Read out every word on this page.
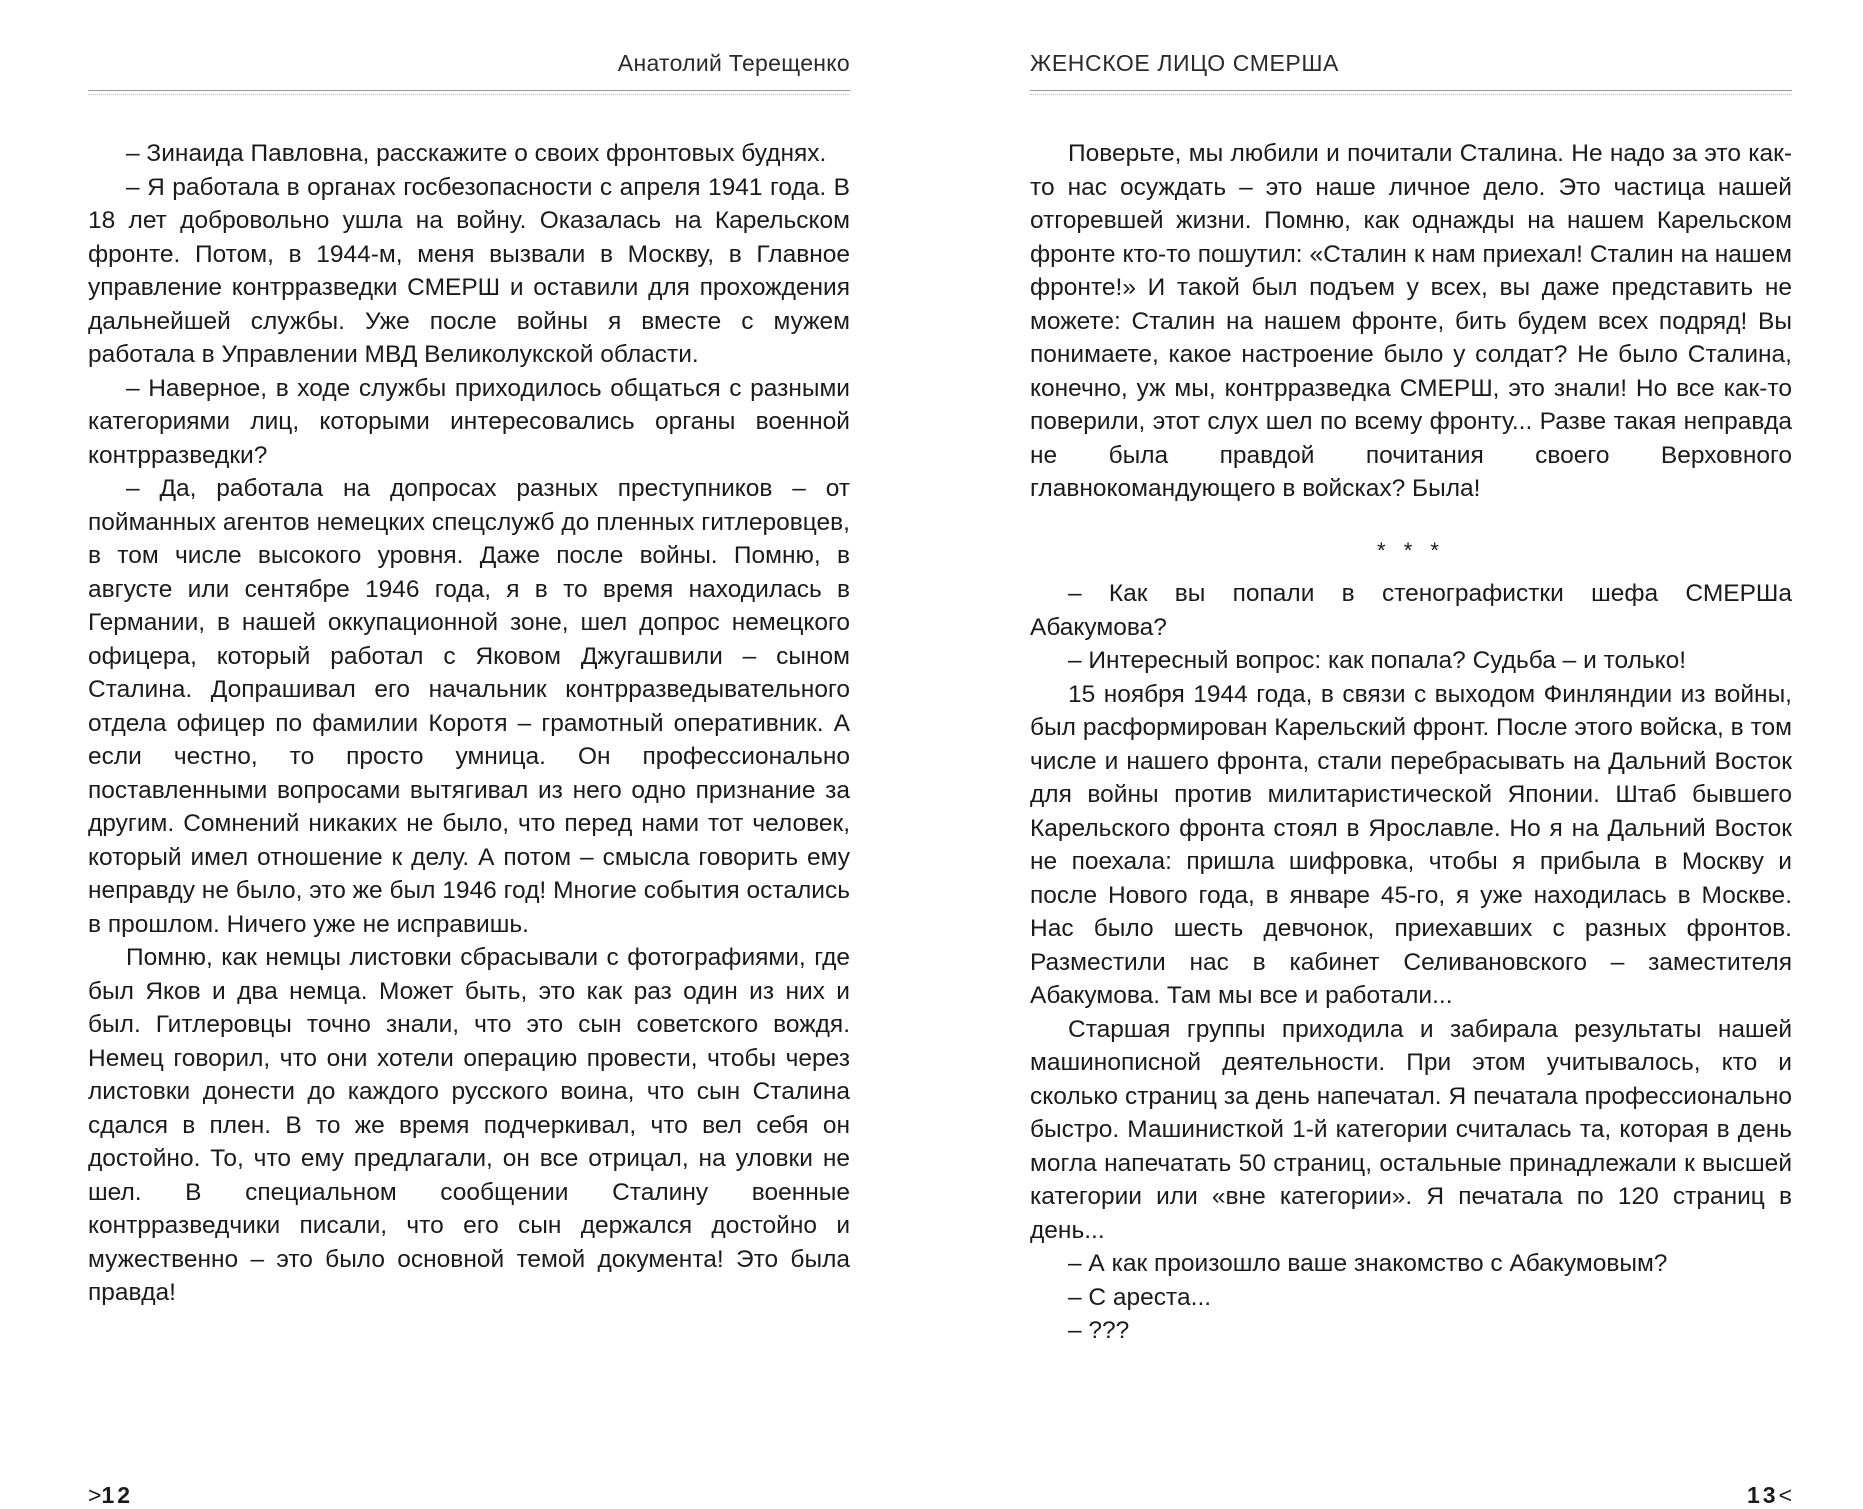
Анатолий Терещенко

– Зинаида Павловна, расскажите о своих фронтовых буднях.

– Я работала в органах госбезопасности с апреля 1941 года. В 18 лет добровольно ушла на войну. Оказалась на Карельском фронте. Потом, в 1944-м, меня вызвали в Москву, в Главное управление контрразведки СМЕРШ и оставили для прохождения дальнейшей службы. Уже после войны я вместе с мужем работала в Управлении МВД Великолукской области.

– Наверное, в ходе службы приходилось общаться с разными категориями лиц, которыми интересовались органы военной контрразведки?

– Да, работала на допросах разных преступников – от пойманных агентов немецких спецслужб до пленных гитлеровцев, в том числе высокого уровня. Даже после войны. Помню, в августе или сентябре 1946 года, я в то время находилась в Германии, в нашей оккупационной зоне, шел допрос немецкого офицера, который работал с Яковом Джугашвили – сыном Сталина. Допрашивал его начальник контрразведывательного отдела офицер по фамилии Коротя – грамотный оперативник. А если честно, то просто умница. Он профессионально поставленными вопросами вытягивал из него одно признание за другим. Сомнений никаких не было, что перед нами тот человек, который имел отношение к делу. А потом – смысла говорить ему неправду не было, это же был 1946 год! Многие события остались в прошлом. Ничего уже не исправишь.

Помню, как немцы листовки сбрасывали с фотографиями, где был Яков и два немца. Может быть, это как раз один из них и был. Гитлеровцы точно знали, что это сын советского вождя. Немец говорил, что они хотели операцию провести, чтобы через листовки донести до каждого русского воина, что сын Сталина сдался в плен. В то же время подчеркивал, что вел себя он достойно. То, что ему предлагали, он все отрицал, на уловки не шел. В специальном сообщении Сталину военные контрразведчики писали, что его сын держался достойно и мужественно – это было основной темой документа! Это была правда!

>12
ЖЕНСКОЕ ЛИЦО СМЕРША

Поверьте, мы любили и почитали Сталина. Не надо за это как-то нас осуждать – это наше личное дело. Это частица нашей отгоревшей жизни. Помню, как однажды на нашем Карельском фронте кто-то пошутил: «Сталин к нам приехал! Сталин на нашем фронте!» И такой был подъем у всех, вы даже представить не можете: Сталин на нашем фронте, бить будем всех подряд! Вы понимаете, какое настроение было у солдат? Не было Сталина, конечно, уж мы, контрразведка СМЕРШ, это знали! Но все как-то поверили, этот слух шел по всему фронту... Разве такая неправда не была правдой почитания своего Верховного главнокомандующего в войсках? Была!

* * *

– Как вы попали в стенографистки шефа СМЕРШа Абакумова?

– Интересный вопрос: как попала? Судьба – и только!

15 ноября 1944 года, в связи с выходом Финляндии из войны, был расформирован Карельский фронт. После этого войска, в том числе и нашего фронта, стали перебрасывать на Дальний Восток для войны против милитаристической Японии. Штаб бывшего Карельского фронта стоял в Ярославле. Но я на Дальний Восток не поехала: пришла шифровка, чтобы я прибыла в Москву и после Нового года, в январе 45-го, я уже находилась в Москве. Нас было шесть девчонок, приехавших с разных фронтов. Разместили нас в кабинет Селивановского – заместителя Абакумова. Там мы все и работали...

Старшая группы приходила и забирала результаты нашей машинописной деятельности. При этом учитывалось, кто и сколько страниц за день напечатал. Я печатала профессионально быстро. Машинисткой 1-й категории считалась та, которая в день могла напечатать 50 страниц, остальные принадлежали к высшей категории или «вне категории». Я печатала по 120 страниц в день...

– А как произошло ваше знакомство с Абакумовым?

– С ареста...

– ???

13<
